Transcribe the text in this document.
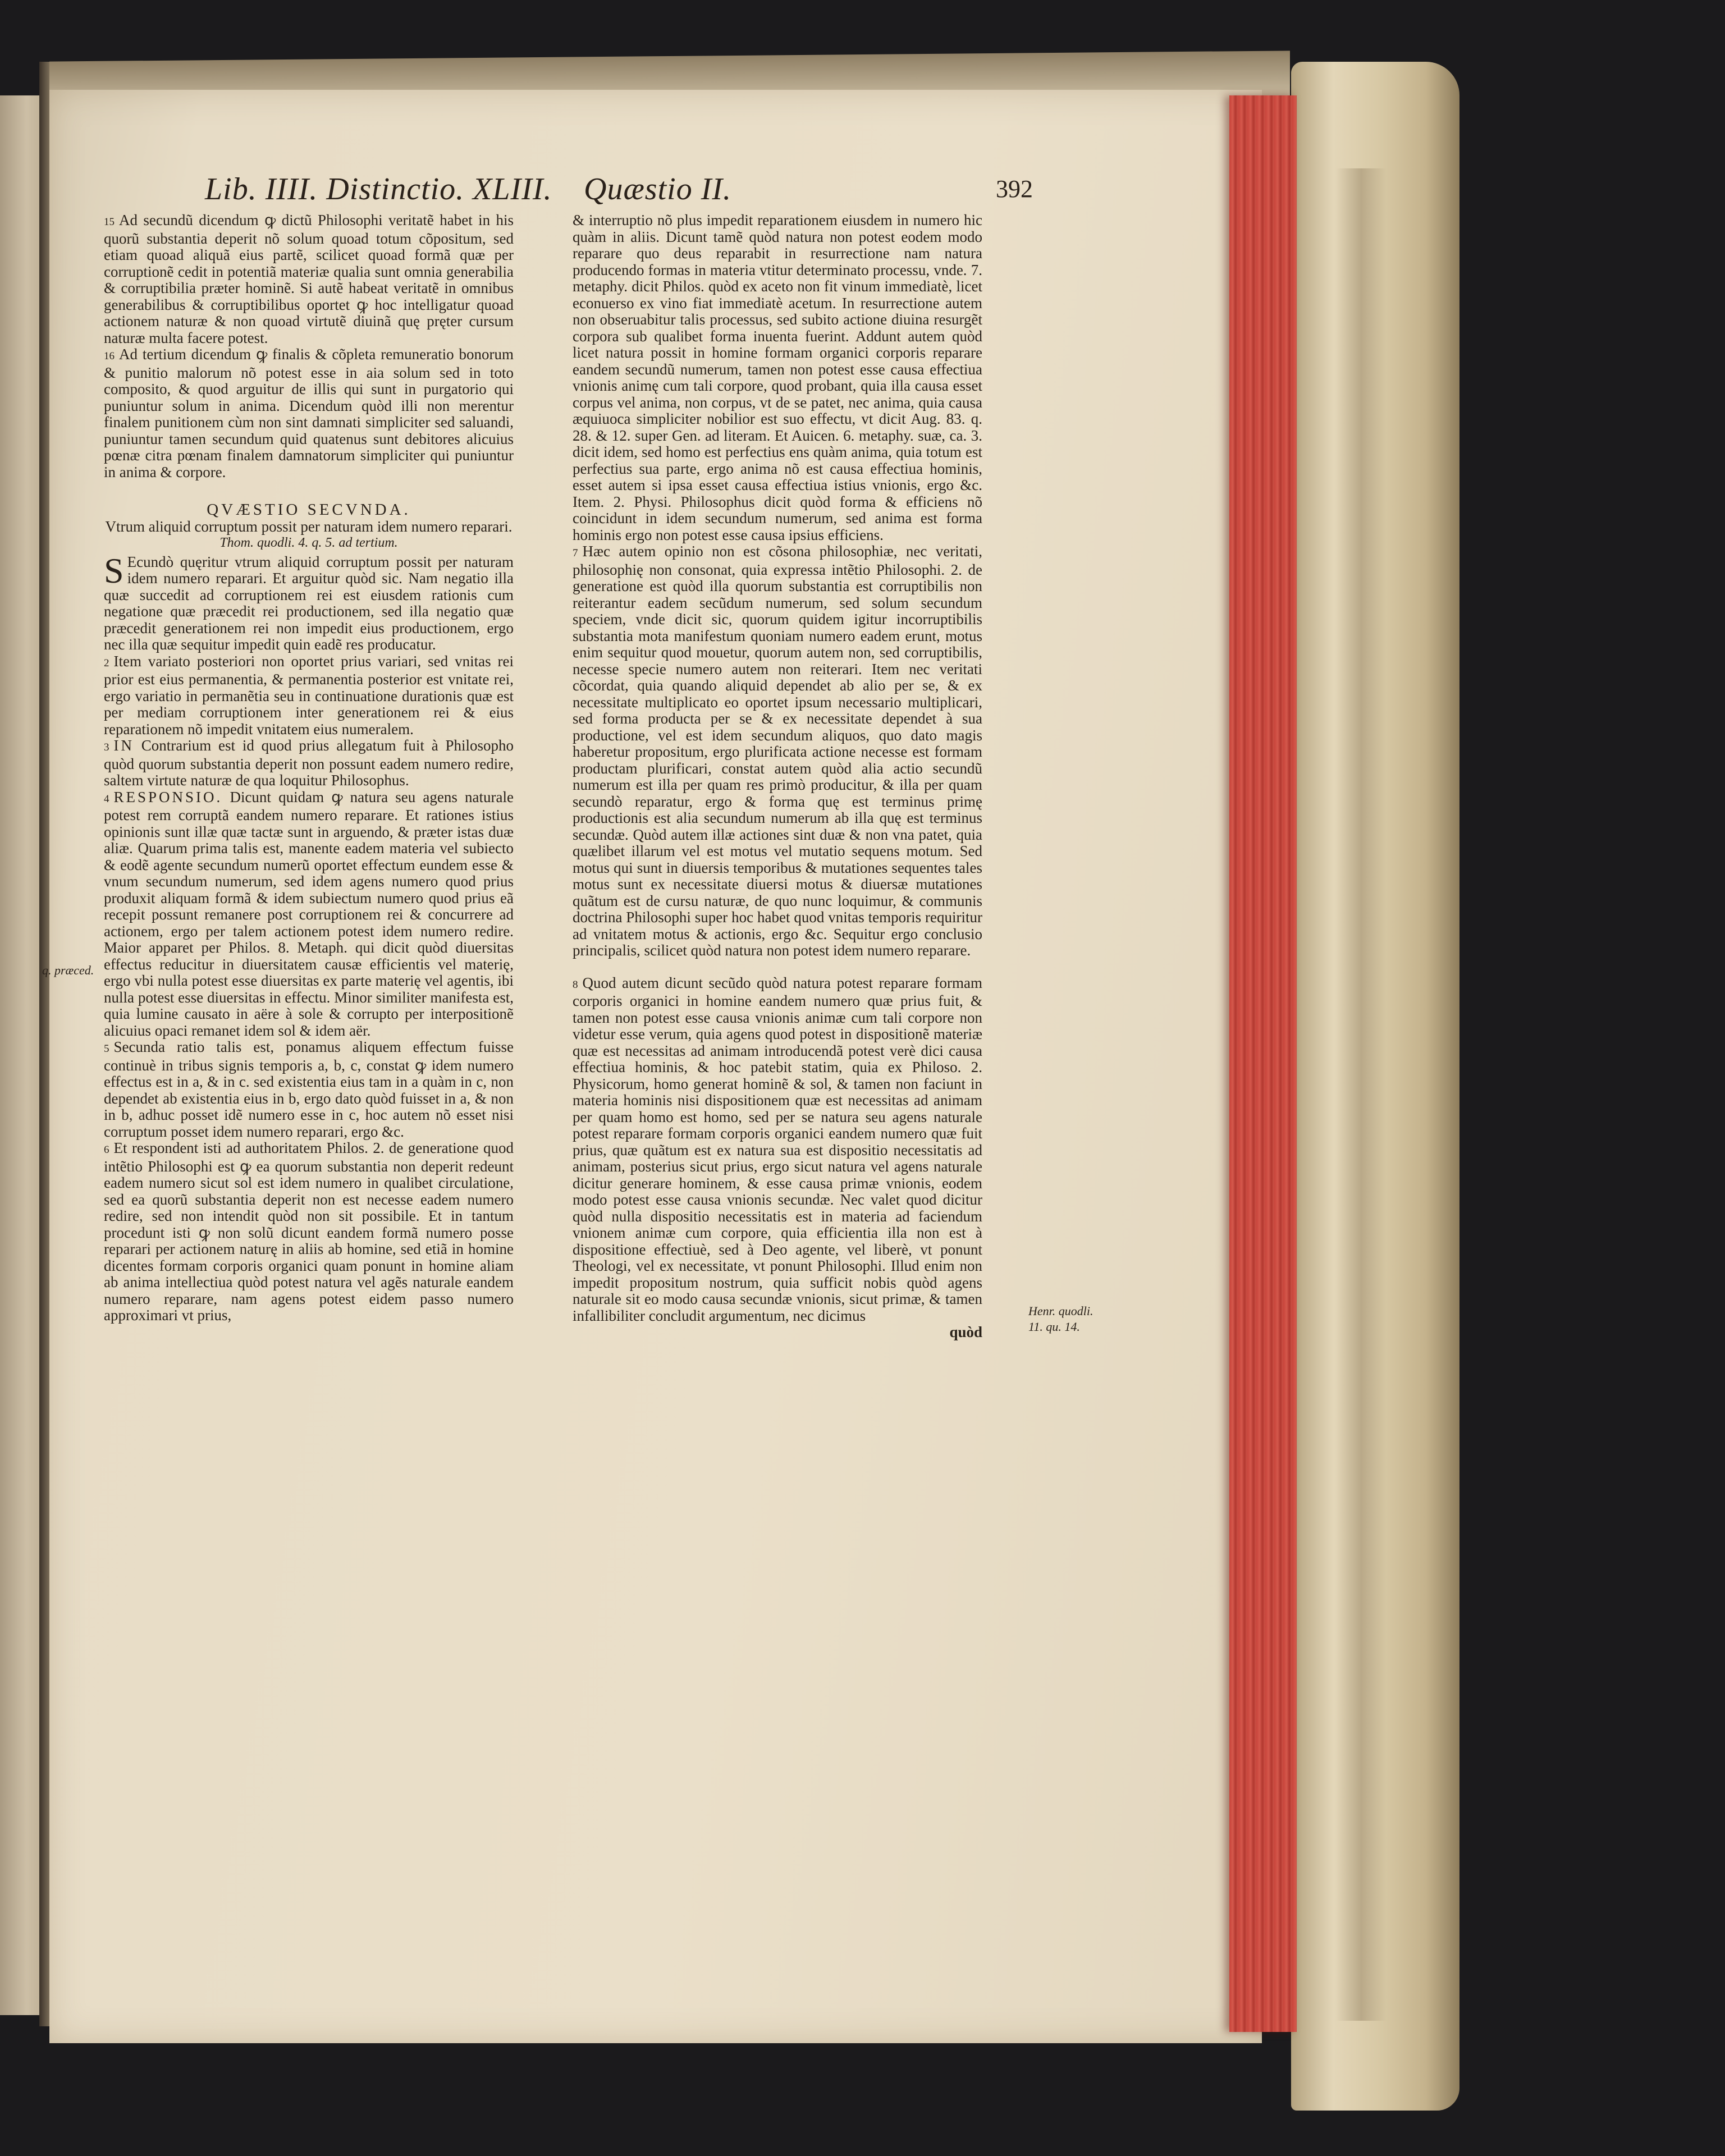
Lib. IIII. Distinctio. XLIII. Quæstio II.	392

15 Ad secundũ dicendum ꝙ dictũ Philosophi veritatẽ habet in his quorũ substantia deperit nõ solum quoad totum cõpositum, sed etiam quoad aliquã eius partẽ, scilicet quoad formã quæ per corruptionẽ cedit in potentiã materiæ qualia sunt omnia generabilia & corruptibilia præter hominẽ. Si autẽ habeat veritatẽ in omnibus generabilibus & corruptibilibus oportet ꝙ hoc intelligatur quoad actionem naturæ & non quoad virtutẽ diuinã quę pręter cursum naturæ multa facere potest.

16 Ad tertium dicendum ꝙ finalis & cõpleta remuneratio bonorum & punitio malorum nõ potest esse in aia solum sed in toto composito, & quod arguitur de illis qui sunt in purgatorio qui puniuntur solum in anima. Dicendum quòd illi non merentur finalem punitionem cùm non sint damnati simpliciter sed saluandi, puniuntur tamen secundum quid quatenus sunt debitores alicuius pœnæ citra pœnam finalem damnatorum simpliciter qui puniuntur in anima & corpore.

QVÆSTIO SECVNDA.
Vtrum aliquid corruptum possit per naturam idem numero reparari.
Thom. quodli. 4. q. 5. ad tertium.

S Ecundò quęritur vtrum aliquid corruptum possit per naturam idem numero reparari. Et arguitur quòd sic. Nam negatio illa quæ succedit ad corruptionem rei est eiusdem rationis cum negatione quæ præcedit rei productionem, sed illa negatio quæ præcedit generationem rei non impedit eius productionem, ergo nec illa quæ sequitur impedit quin eadẽ res producatur.

2 Item variato posteriori non oportet prius variari, sed vnitas rei prior est eius permanentia, & permanentia posterior est vnitate rei, ergo variatio in permanẽtia seu in continuatione durationis quæ est per mediam corruptionem inter generationem rei & eius reparationem nõ impedit vnitatem eius numeralem.

3 IN Contrarium est id quod prius allegatum fuit à Philosopho quòd quorum substantia deperit non possunt eadem numero redire, saltem virtute naturæ de qua loquitur Philosophus.

4 RESPONSIO. Dicunt quidam ꝙ natura seu agens naturale potest rem corruptã eandem numero reparare. Et rationes istius opinionis sunt illæ quæ tactæ sunt in arguendo, & præter istas duæ aliæ. Quarum prima talis est, manente eadem materia vel subiecto & eodẽ agente secundum numerũ oportet effectum eundem esse & vnum secundum numerum, sed idem agens numero quod prius produxit aliquam formã & idem subiectum numero quod prius eã recepit possunt remanere post corruptionem rei & concurrere ad actionem, ergo per talem actionem potest idem numero redire. Maior apparet per Philos. 8. Metaph. qui dicit quòd diuersitas effectus reducitur in diuersitatem causæ efficientis vel materię, ergo vbi nulla potest esse diuersitas ex parte materię vel agentis, ibi nulla potest esse diuersitas in effectu. Minor similiter manifesta est, quia lumine causato in aëre à sole & corrupto per interpositionẽ alicuius opaci remanet idem sol & idem aër.

5 Secunda ratio talis est, ponamus aliquem effectum fuisse continuè in tribus signis temporis a, b, c, constat ꝙ idem numero effectus est in a, & in c. sed existentia eius tam in a quàm in c, non dependet ab existentia eius in b, ergo dato quòd fuisset in a, & non in b, adhuc posset idẽ numero esse in c, hoc autem nõ esset nisi corruptum posset idem numero reparari, ergo &c.

6 Et respondent isti ad authoritatem Philos. 2. de generatione quod intẽtio Philosophi est ꝙ ea quorum substantia non deperit redeunt eadem numero sicut sol est idem numero in qualibet circulatione, sed ea quorũ substantia deperit non est necesse eadem numero redire, sed non intendit quòd non sit possibile. Et in tantum procedunt isti ꝙ non solũ dicunt eandem formã numero posse reparari per actionem naturę in aliis ab homine, sed etiã in homine dicentes formam corporis organici quam ponunt in homine aliam ab anima intellectiua quòd potest natura vel agẽs naturale eandem numero reparare, nam agens potest eidem passo numero approximari vt prius,

& interruptio nõ plus impedit reparationem eiusdem in numero hic quàm in aliis. Dicunt tamẽ quòd natura non potest eodem modo reparare quo deus reparabit in resurrectione nam natura producendo formas in materia vtitur determinato processu, vnde. 7. metaphy. dicit Philos. quòd ex aceto non fit vinum immediatè, licet econuerso ex vino fiat immediatè acetum. In resurrectione autem non obseruabitur talis processus, sed subito actione diuina resurgẽt corpora sub qualibet forma inuenta fuerint. Addunt autem quòd licet natura possit in homine formam organici corporis reparare eandem secundũ numerum, tamen non potest esse causa effectiua vnionis animę cum tali corpore, quod probant, quia illa causa esset corpus vel anima, non corpus, vt de se patet, nec anima, quia causa æquiuoca simpliciter nobilior est suo effectu, vt dicit Aug. 83. q. 28. & 12. super Gen. ad literam. Et Auicen. 6. metaphy. suæ, ca. 3. dicit idem, sed homo est perfectius ens quàm anima, quia totum est perfectius sua parte, ergo anima nõ est causa effectiua hominis, esset autem si ipsa esset causa effectiua istius vnionis, ergo &c. Item. 2. Physi. Philosophus dicit quòd forma & efficiens nõ coincidunt in idem secundum numerum, sed anima est forma hominis ergo non potest esse causa ipsius efficiens.

7 Hæc autem opinio non est cõsona philosophiæ, nec veritati, philosophię non consonat, quia expressa intẽtio Philosophi. 2. de generatione est quòd illa quorum substantia est corruptibilis non reiterantur eadem secũdum numerum, sed solum secundum speciem, vnde dicit sic, quorum quidem igitur incorruptibilis substantia mota manifestum quoniam numero eadem erunt, motus enim sequitur quod mouetur, quorum autem non, sed corruptibilis, necesse specie numero autem non reiterari. Item nec veritati cõcordat, quia quando aliquid dependet ab alio per se, & ex necessitate multiplicato eo oportet ipsum necessario multiplicari, sed forma producta per se & ex necessitate dependet à sua productione, vel est idem secundum aliquos, quo dato magis haberetur propositum, ergo plurificata actione necesse est formam productam plurificari, constat autem quòd alia actio secundũ numerum est illa per quam res primò producitur, & illa per quam secundò reparatur, ergo & forma quę est terminus primę productionis est alia secundum numerum ab illa quę est terminus secundæ. Quòd autem illæ actiones sint duæ & non vna patet, quia quælibet illarum vel est motus vel mutatio sequens motum. Sed motus qui sunt in diuersis temporibus & mutationes sequentes tales motus sunt ex necessitate diuersi motus & diuersæ mutationes quãtum est de cursu naturæ, de quo nunc loquimur, & communis doctrina Philosophi super hoc habet quod vnitas temporis requiritur ad vnitatem motus & actionis, ergo &c. Sequitur ergo conclusio principalis, scilicet quòd natura non potest idem numero reparare.

8 Quod autem dicunt secũdo quòd natura potest reparare formam corporis organici in homine eandem numero quæ prius fuit, & tamen non potest esse causa vnionis animæ cum tali corpore non videtur esse verum, quia agens quod potest in dispositionẽ materiæ quæ est necessitas ad animam introducendã potest verè dici causa effectiua hominis, & hoc patebit statim, quia ex Philoso. 2. Physicorum, homo generat hominẽ & sol, & tamen non faciunt in materia hominis nisi dispositionem quæ est necessitas ad animam per quam homo est homo, sed per se natura seu agens naturale potest reparare formam corporis organici eandem numero quæ fuit prius, quæ quãtum est ex natura sua est dispositio necessitatis ad animam, posterius sicut prius, ergo sicut natura vel agens naturale dicitur generare hominem, & esse causa primæ vnionis, eodem modo potest esse causa vnionis secundæ. Nec valet quod dicitur quòd nulla dispositio necessitatis est in materia ad faciendum vnionem animæ cum corpore, quia efficientia illa non est à dispositione effectiuè, sed à Deo agente, vel liberè, vt ponunt Theologi, vel ex necessitate, vt ponunt Philosophi. Illud enim non impedit propositum nostrum, quia sufficit nobis quòd agens naturale sit eo modo causa secundæ vnionis, sicut primæ, & tamen infallibiliter concludit argumentum, nec dicimus

quòd
q. præced.
Henr. quodli.
11. qu. 14.
